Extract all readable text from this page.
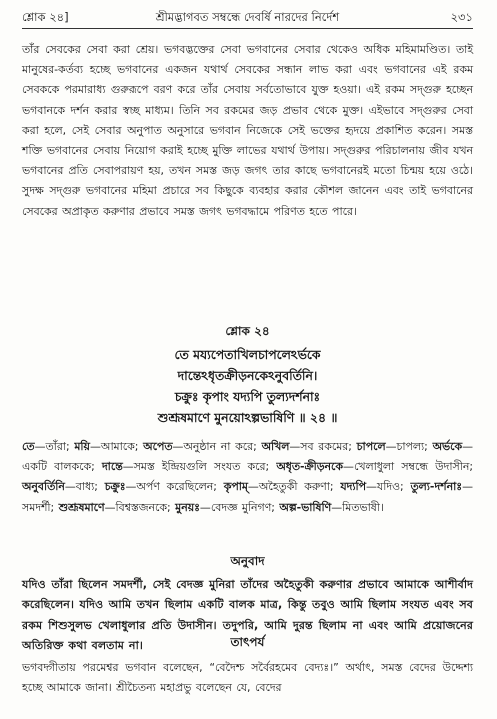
শ্লোক ২৪]	শ্রীমদ্ভাগবত সম্বন্ধে দেবর্ষি নারদের নির্দেশ	২৩১
তাঁর সেবকের সেবা করা শ্রেয়। ভগবদ্ভক্তের সেবা ভগবানের সেবার থেকেও অধিক মহিমামণ্ডিত। তাই মানুষের-কর্তব্য হচ্ছে ভগবানের একজন যথার্থ সেবকের সন্ধান লাভ করা এবং ভগবানের এই রকম সেবককে পরমারাধ্য গুরুরূপে বরণ করে তাঁর সেবায় সর্বতোভাবে যুক্ত হওয়া। এই রকম সদ্গুরু হচ্ছেন ভগবানকে দর্শন করার স্বচ্ছ মাধ্যম। তিনি সব রকমের জড় প্রভাব থেকে মুক্ত। এইভাবে সদ্গুরুর সেবা করা হলে, সেই সেবার অনুপাত অনুসারে ভগবান নিজেকে সেই ভক্তের হৃদয়ে প্রকাশিত করেন। সমস্ত শক্তি ভগবানের সেবায় নিয়োগ করাই হচ্ছে মুক্তি লাভের যথার্থ উপায়। সদ্গুরুর পরিচালনায় জীব যখন ভগবানের প্রতি সেবাপরায়ণ হয়, তখন সমস্ত জড় জগৎ তার কাছে ভগবানেরই মতো চিন্ময় হয়ে ওঠে। সুদক্ষ সদ্গুরু ভগবানের মহিমা প্রচারে সব কিছুকে ব্যবহার করার কৌশল জানেন এবং তাই ভগবানের সেবকের অপ্রাকৃত করুণার প্রভাবে সমস্ত জগৎ ভগবদ্ধামে পরিণত হতে পারে।
শ্লোক ২৪
তে ময্যপেতাখিলচাপলেঽর্ভকে
দান্তেঽধৃতক্রীড়নকেঽনুবর্তিনি।
চক্রুঃ কৃপাং যদ্যপি তুল্যদর্শনাঃ
শুশ্রূষমাণে মুনয়োঽল্পভাষিণি ॥ ২৪ ॥
তে—তাঁরা; ময়ি—আমাকে; অপেত—অনুষ্ঠান না করে; অখিল—সব রকমের; চাপলে—চাপল্য; অর্ভকে—একটি বালককে; দান্তে—সমস্ত ইন্দ্রিয়গুলি সংযত করে; অধৃত-ক্রীড়নকে—খেলাধুলা সম্বন্ধে উদাসীন; অনুবর্তিনি—বাধ্য; চক্রুঃ—অর্পণ করেছিলেন; কৃপাম্—অহৈতুকী করুণা; যদ্যপি—যদিও; তুল্য-দর্শনাঃ—সমদর্শী; শুশ্রূষমাণে—বিশ্বস্তজনকে; মুনয়ঃ—বেদজ্ঞ মুনিগণ; অল্প-ভাষিণি—মিতভাষী।
অনুবাদ
যদিও তাঁরা ছিলেন সমদর্শী, সেই বেদজ্ঞ মুনিরা তাঁদের অহৈতুকী করুণার প্রভাবে আমাকে আশীর্বাদ করেছিলেন। যদিও আমি তখন ছিলাম একটি বালক মাত্র, কিন্তু তবুও আমি ছিলাম সংযত এবং সব রকম শিশুসুলভ খেলাধুলার প্রতি উদাসীন। তদুপরি, আমি দুরন্ত ছিলাম না এবং আমি প্রয়োজনের অতিরিক্ত কথা বলতাম না।	তাৎপর্য
ভগবদ্গীতায় পরমেশ্বর ভগবান বলেছেন, “বেদৈশ্চ সর্বৈরহমেব বেদ্যঃ।” অর্থাৎ, সমস্ত বেদের উদ্দেশ্য হচ্ছে আমাকে জানা। শ্রীচৈতন্য মহাপ্রভু বলেছেন যে, বেদের
